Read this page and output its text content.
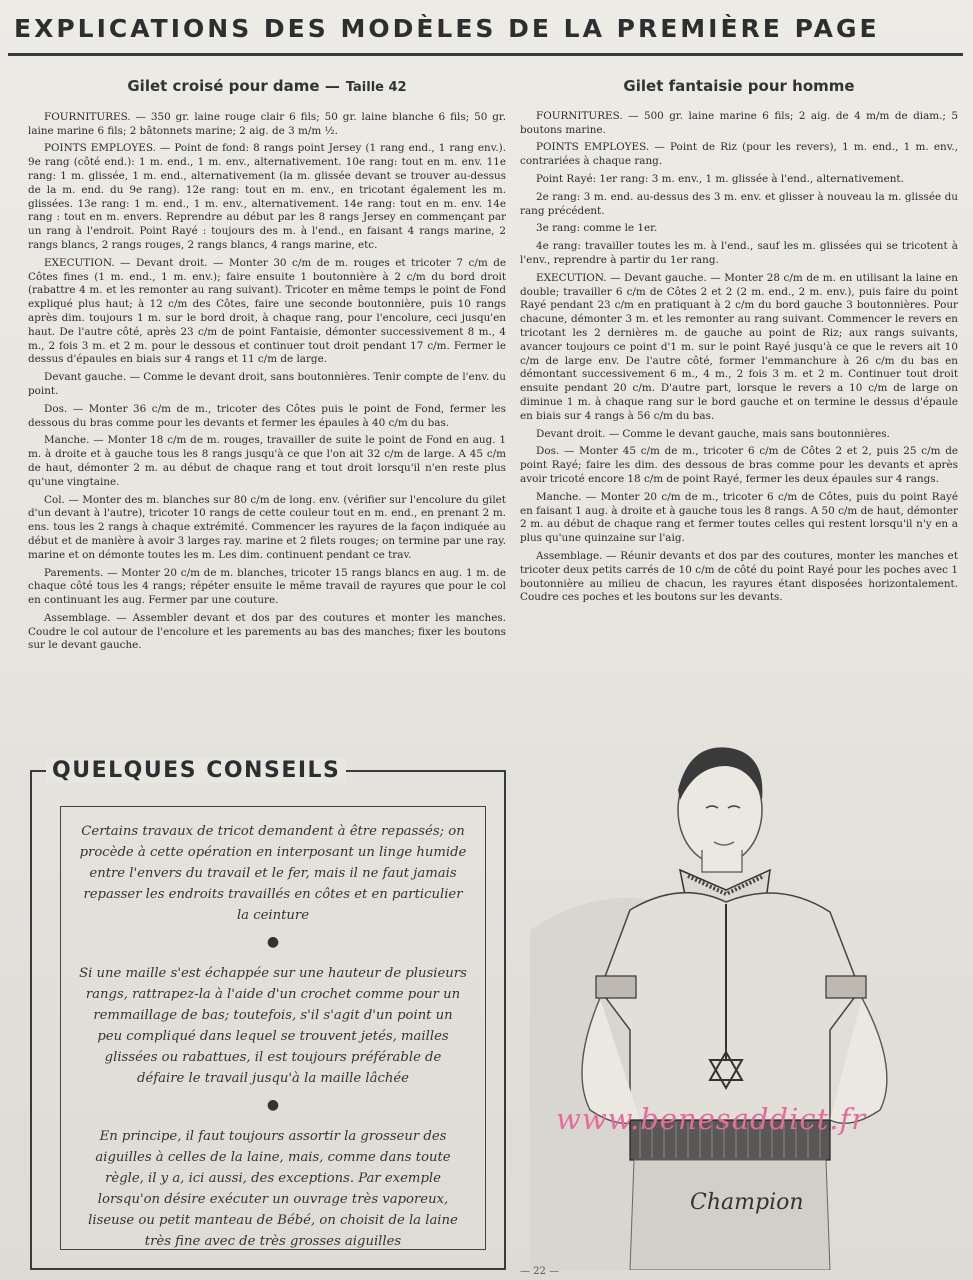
EXPLICATIONS DES MODÈLES DE LA PREMIÈRE PAGE
Gilet croisé pour dame — Taille 42

FOURNITURES. — 350 gr. laine rouge clair 6 fils; 50 gr. laine blanche 6 fils; 50 gr. laine marine 6 fils; 2 bâtonnets marine; 2 aig. de 3 m/m ½.

POINTS EMPLOYES. — Point de fond: 8 rangs point Jersey (1 rang end., 1 rang env.). 9e rang (côté end.): 1 m. end., 1 m. env., alternativement. 10e rang: tout en m. env. 11e rang: 1 m. glissée, 1 m. end., alternativement (la m. glissée devant se trouver au-dessus de la m. end. du 9e rang). 12e rang: tout en m. env., en tricotant également les m. glissées. 13e rang: 1 m. end., 1 m. env., alternativement. 14e rang: tout en m. env. 14e rang : tout en m. envers. Reprendre au début par les 8 rangs Jersey en commençant par un rang à l'endroit. Point Rayé : toujours des m. à l'end., en faisant 4 rangs marine, 2 rangs blancs, 2 rangs rouges, 2 rangs blancs, 4 rangs marine, etc.

EXECUTION. — Devant droit. — Monter 30 c/m de m. rouges et tricoter 7 c/m de Côtes fines (1 m. end., 1 m. env.); faire ensuite 1 boutonnière à 2 c/m du bord droit (rabattre 4 m. et les remonter au rang suivant). Tricoter en même temps le point de Fond expliqué plus haut; à 12 c/m des Côtes, faire une seconde boutonnière, puis 10 rangs après dim. toujours 1 m. sur le bord droit, à chaque rang, pour l'encolure, ceci jusqu'en haut. De l'autre côté, après 23 c/m de point Fantaisie, démonter successivement 8 m., 4 m., 2 fois 3 m. et 2 m. pour le dessous et continuer tout droit pendant 17 c/m. Fermer le dessus d'épaules en biais sur 4 rangs et 11 c/m de large.

Devant gauche. — Comme le devant droit, sans boutonnières. Tenir compte de l'env. du point.

Dos. — Monter 36 c/m de m., tricoter des Côtes puis le point de Fond, fermer les dessous du bras comme pour les devants et fermer les épaules à 40 c/m du bas.

Manche. — Monter 18 c/m de m. rouges, travailler de suite le point de Fond en aug. 1 m. à droite et à gauche tous les 8 rangs jusqu'à ce que l'on ait 32 c/m de large. A 45 c/m de haut, démonter 2 m. au début de chaque rang et tout droit lorsqu'il n'en reste plus qu'une vingtaine.

Col. — Monter des m. blanches sur 80 c/m de long. env. (vérifier sur l'encolure du gilet d'un devant à l'autre), tricoter 10 rangs de cette couleur tout en m. end., en prenant 2 m. ens. tous les 2 rangs à chaque extrémité. Commencer les rayures de la façon indiquée au début et de manière à avoir 3 larges ray. marine et 2 filets rouges; on termine par une ray. marine et on démonte toutes les m. Les dim. continuent pendant ce trav.

Parements. — Monter 20 c/m de m. blanches, tricoter 15 rangs blancs en aug. 1 m. de chaque côté tous les 4 rangs; répéter ensuite le même travail de rayures que pour le col en continuant les aug. Fermer par une couture.

Assemblage. — Assembler devant et dos par des coutures et monter les manches. Coudre le col autour de l'encolure et les parements au bas des manches; fixer les boutons sur le devant gauche.

Gilet fantaisie pour homme

FOURNITURES. — 500 gr. laine marine 6 fils; 2 aig. de 4 m/m de diam.; 5 boutons marine.

POINTS EMPLOYES. — Point de Riz (pour les revers), 1 m. end., 1 m. env., contrariées à chaque rang.

Point Rayé: 1er rang: 3 m. env., 1 m. glissée à l'end., alternativement.

2e rang: 3 m. end. au-dessus des 3 m. env. et glisser à nouveau la m. glissée du rang précédent.

3e rang: comme le 1er.

4e rang: travailler toutes les m. à l'end., sauf les m. glissées qui se tricotent à l'env., reprendre à partir du 1er rang.

EXECUTION. — Devant gauche. — Monter 28 c/m de m. en utilisant la laine en double; travailler 6 c/m de Côtes 2 et 2 (2 m. end., 2 m. env.), puis faire du point Rayé pendant 23 c/m en pratiquant à 2 c/m du bord gauche 3 boutonnières. Pour chacune, démonter 3 m. et les remonter au rang suivant. Commencer le revers en tricotant les 2 dernières m. de gauche au point de Riz; aux rangs suivants, avancer toujours ce point d'1 m. sur le point Rayé jusqu'à ce que le revers ait 10 c/m de large env. De l'autre côté, former l'emmanchure à 26 c/m du bas en démontant successivement 6 m., 4 m., 2 fois 3 m. et 2 m. Continuer tout droit ensuite pendant 20 c/m. D'autre part, lorsque le revers a 10 c/m de large on diminue 1 m. à chaque rang sur le bord gauche et on termine le dessus d'épaule en biais sur 4 rangs à 56 c/m du bas.

Devant droit. — Comme le devant gauche, mais sans boutonnières.

Dos. — Monter 45 c/m de m., tricoter 6 c/m de Côtes 2 et 2, puis 25 c/m de point Rayé; faire les dim. des dessous de bras comme pour les devants et après avoir tricoté encore 18 c/m de point Rayé, fermer les deux épaules sur 4 rangs.

Manche. — Monter 20 c/m de m., tricoter 6 c/m de Côtes, puis du point Rayé en faisant 1 aug. à droite et à gauche tous les 8 rangs. A 50 c/m de haut, démonter 2 m. au début de chaque rang et fermer toutes celles qui restent lorsqu'il n'y en a plus qu'une quinzaine sur l'aig.

Assemblage. — Réunir devants et dos par des coutures, monter les manches et tricoter deux petits carrés de 10 c/m de côté du point Rayé pour les poches avec 1 boutonnière au milieu de chacun, les rayures étant disposées horizontalement. Coudre ces poches et les boutons sur les devants.

QUELQUES CONSEILS

Certains travaux de tricot demandent à être repassés; on procède à cette opération en interposant un linge humide entre l'envers du travail et le fer, mais il ne faut jamais repasser les endroits travaillés en côtes et en particulier la ceinture

●

Si une maille s'est échappée sur une hauteur de plusieurs rangs, rattrapez-la à l'aide d'un crochet comme pour un remmaillage de bas; toutefois, s'il s'agit d'un point un peu compliqué dans lequel se trouvent jetés, mailles glissées ou rabattues, il est toujours préférable de défaire le travail jusqu'à la maille lâchée

●

En principe, il faut toujours assortir la grosseur des aiguilles à celles de la laine, mais, comme dans toute règle, il y a, ici aussi, des exceptions. Par exemple lorsqu'on désire exécuter un ouvrage très vaporeux, liseuse ou petit manteau de Bébé, on choisit de la laine très fine avec de très grosses aiguilles

www.benesaddict.fr
Champion
— 22 —
